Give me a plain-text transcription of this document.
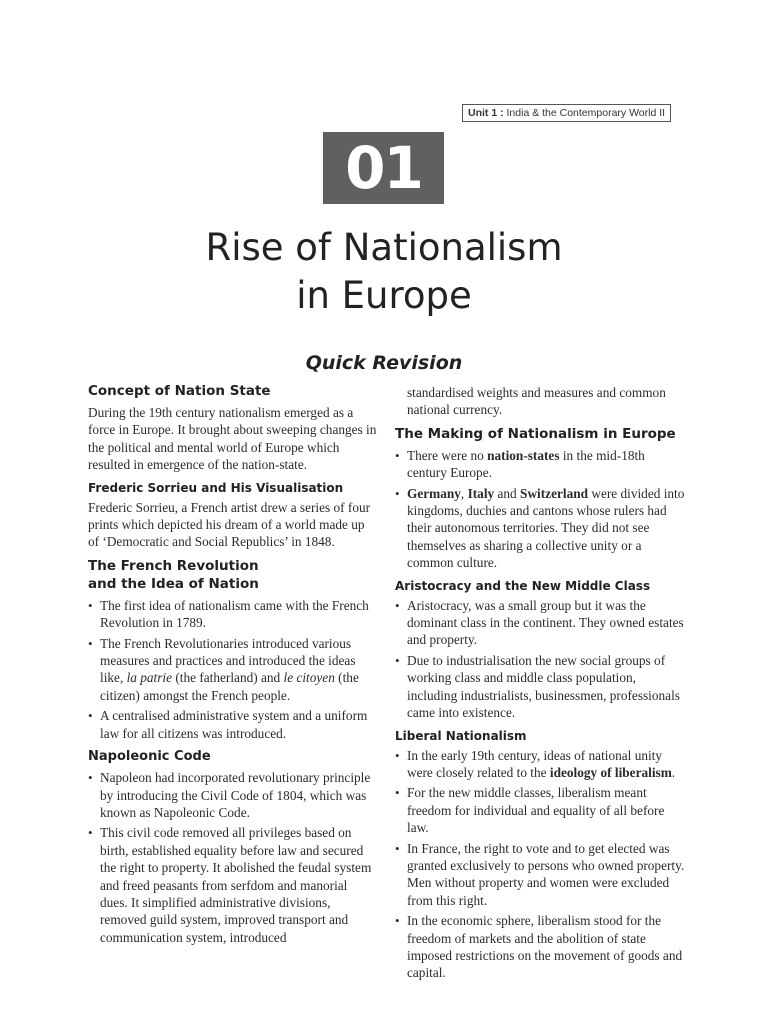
Unit 1 : India & the Contemporary World II
01
Rise of Nationalism
in Europe
Quick Revision
Concept of Nation State

During the 19th century nationalism emerged as a force in Europe. It brought about sweeping changes in the political and mental world of Europe which resulted in emergence of the nation-state.

Frederic Sorrieu and His Visualisation

Frederic Sorrieu, a French artist drew a series of four prints which depicted his dream of a world made up of ‘Democratic and Social Republics’ in 1848.

The French Revolution
and the Idea of Nation
• The first idea of nationalism came with the French Revolution in 1789.
• The French Revolutionaries introduced various measures and practices and introduced the ideas like, la patrie (the fatherland) and le citoyen (the citizen) amongst the French people.
• A centralised administrative system and a uniform law for all citizens was introduced.
Napoleonic Code
• Napoleon had incorporated revolutionary principle by introducing the Civil Code of 1804, which was known as Napoleonic Code.
• This civil code removed all privileges based on birth, established equality before law and secured the right to property. It abolished the feudal system and freed peasants from serfdom and manorial dues. It simplified administrative divisions, removed guild system, improved transport and communication system, introduced

standardised weights and measures and common national currency.

The Making of Nationalism in Europe
• There were no nation-states in the mid-18th century Europe.
• Germany, Italy and Switzerland were divided into kingdoms, duchies and cantons whose rulers had their autonomous territories. They did not see themselves as sharing a collective unity or a common culture.
Aristocracy and the New Middle Class
• Aristocracy, was a small group but it was the dominant class in the continent. They owned estates and property.
• Due to industrialisation the new social groups of working class and middle class population, including industrialists, businessmen, professionals came into existence.
Liberal Nationalism
• In the early 19th century, ideas of national unity were closely related to the ideology of liberalism.
• For the new middle classes, liberalism meant freedom for individual and equality of all before law.
• In France, the right to vote and to get elected was granted exclusively to persons who owned property. Men without property and women were excluded from this right.
• In the economic sphere, liberalism stood for the freedom of markets and the abolition of state imposed restrictions on the movement of goods and capital.
